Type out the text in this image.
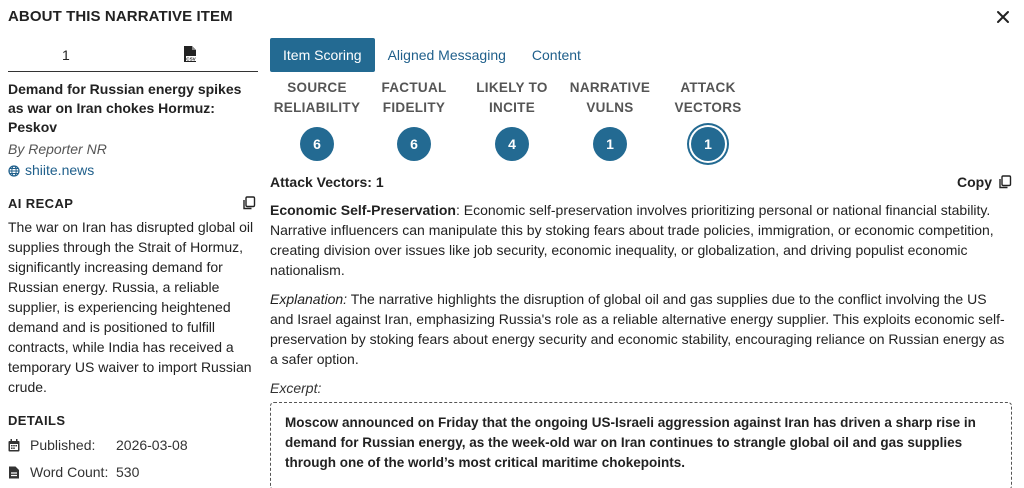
ABOUT THIS NARRATIVE ITEM
1	CSV
Demand for Russian energy spikes as war on Iran chokes Hormuz: Peskov
By Reporter NR
shiite.news
AI RECAP
The war on Iran has disrupted global oil supplies through the Strait of Hormuz, significantly increasing demand for Russian energy. Russia, a reliable supplier, is experiencing heightened demand and is positioned to fulfill contracts, while India has received a temporary US waiver to import Russian crude.
DETAILS
Published:	2026-03-08
Word Count: 530
Item Scoring	Aligned Messaging	Content
SOURCE
RELIABILITY
6
FACTUAL
FIDELITY
6
LIKELY TO
INCITE
4
NARRATIVE
VULNS
1
ATTACK
VECTORS
1
Attack Vectors: 1	Copy
Economic Self-Preservation: Economic self-preservation involves prioritizing personal or national financial stability. Narrative influencers can manipulate this by stoking fears about trade policies, immigration, or economic competition, creating division over issues like job security, economic inequality, or globalization, and driving populist economic nationalism.
Explanation: The narrative highlights the disruption of global oil and gas supplies due to the conflict involving the US and Israel against Iran, emphasizing Russia's role as a reliable alternative energy supplier. This exploits economic self-preservation by stoking fears about energy security and economic stability, encouraging reliance on Russian energy as a safer option.
Excerpt:
Moscow announced on Friday that the ongoing US-Israeli aggression against Iran has driven a sharp rise in demand for Russian energy, as the week-old war on Iran continues to strangle global oil and gas supplies through one of the world’s most critical maritime chokepoints.
